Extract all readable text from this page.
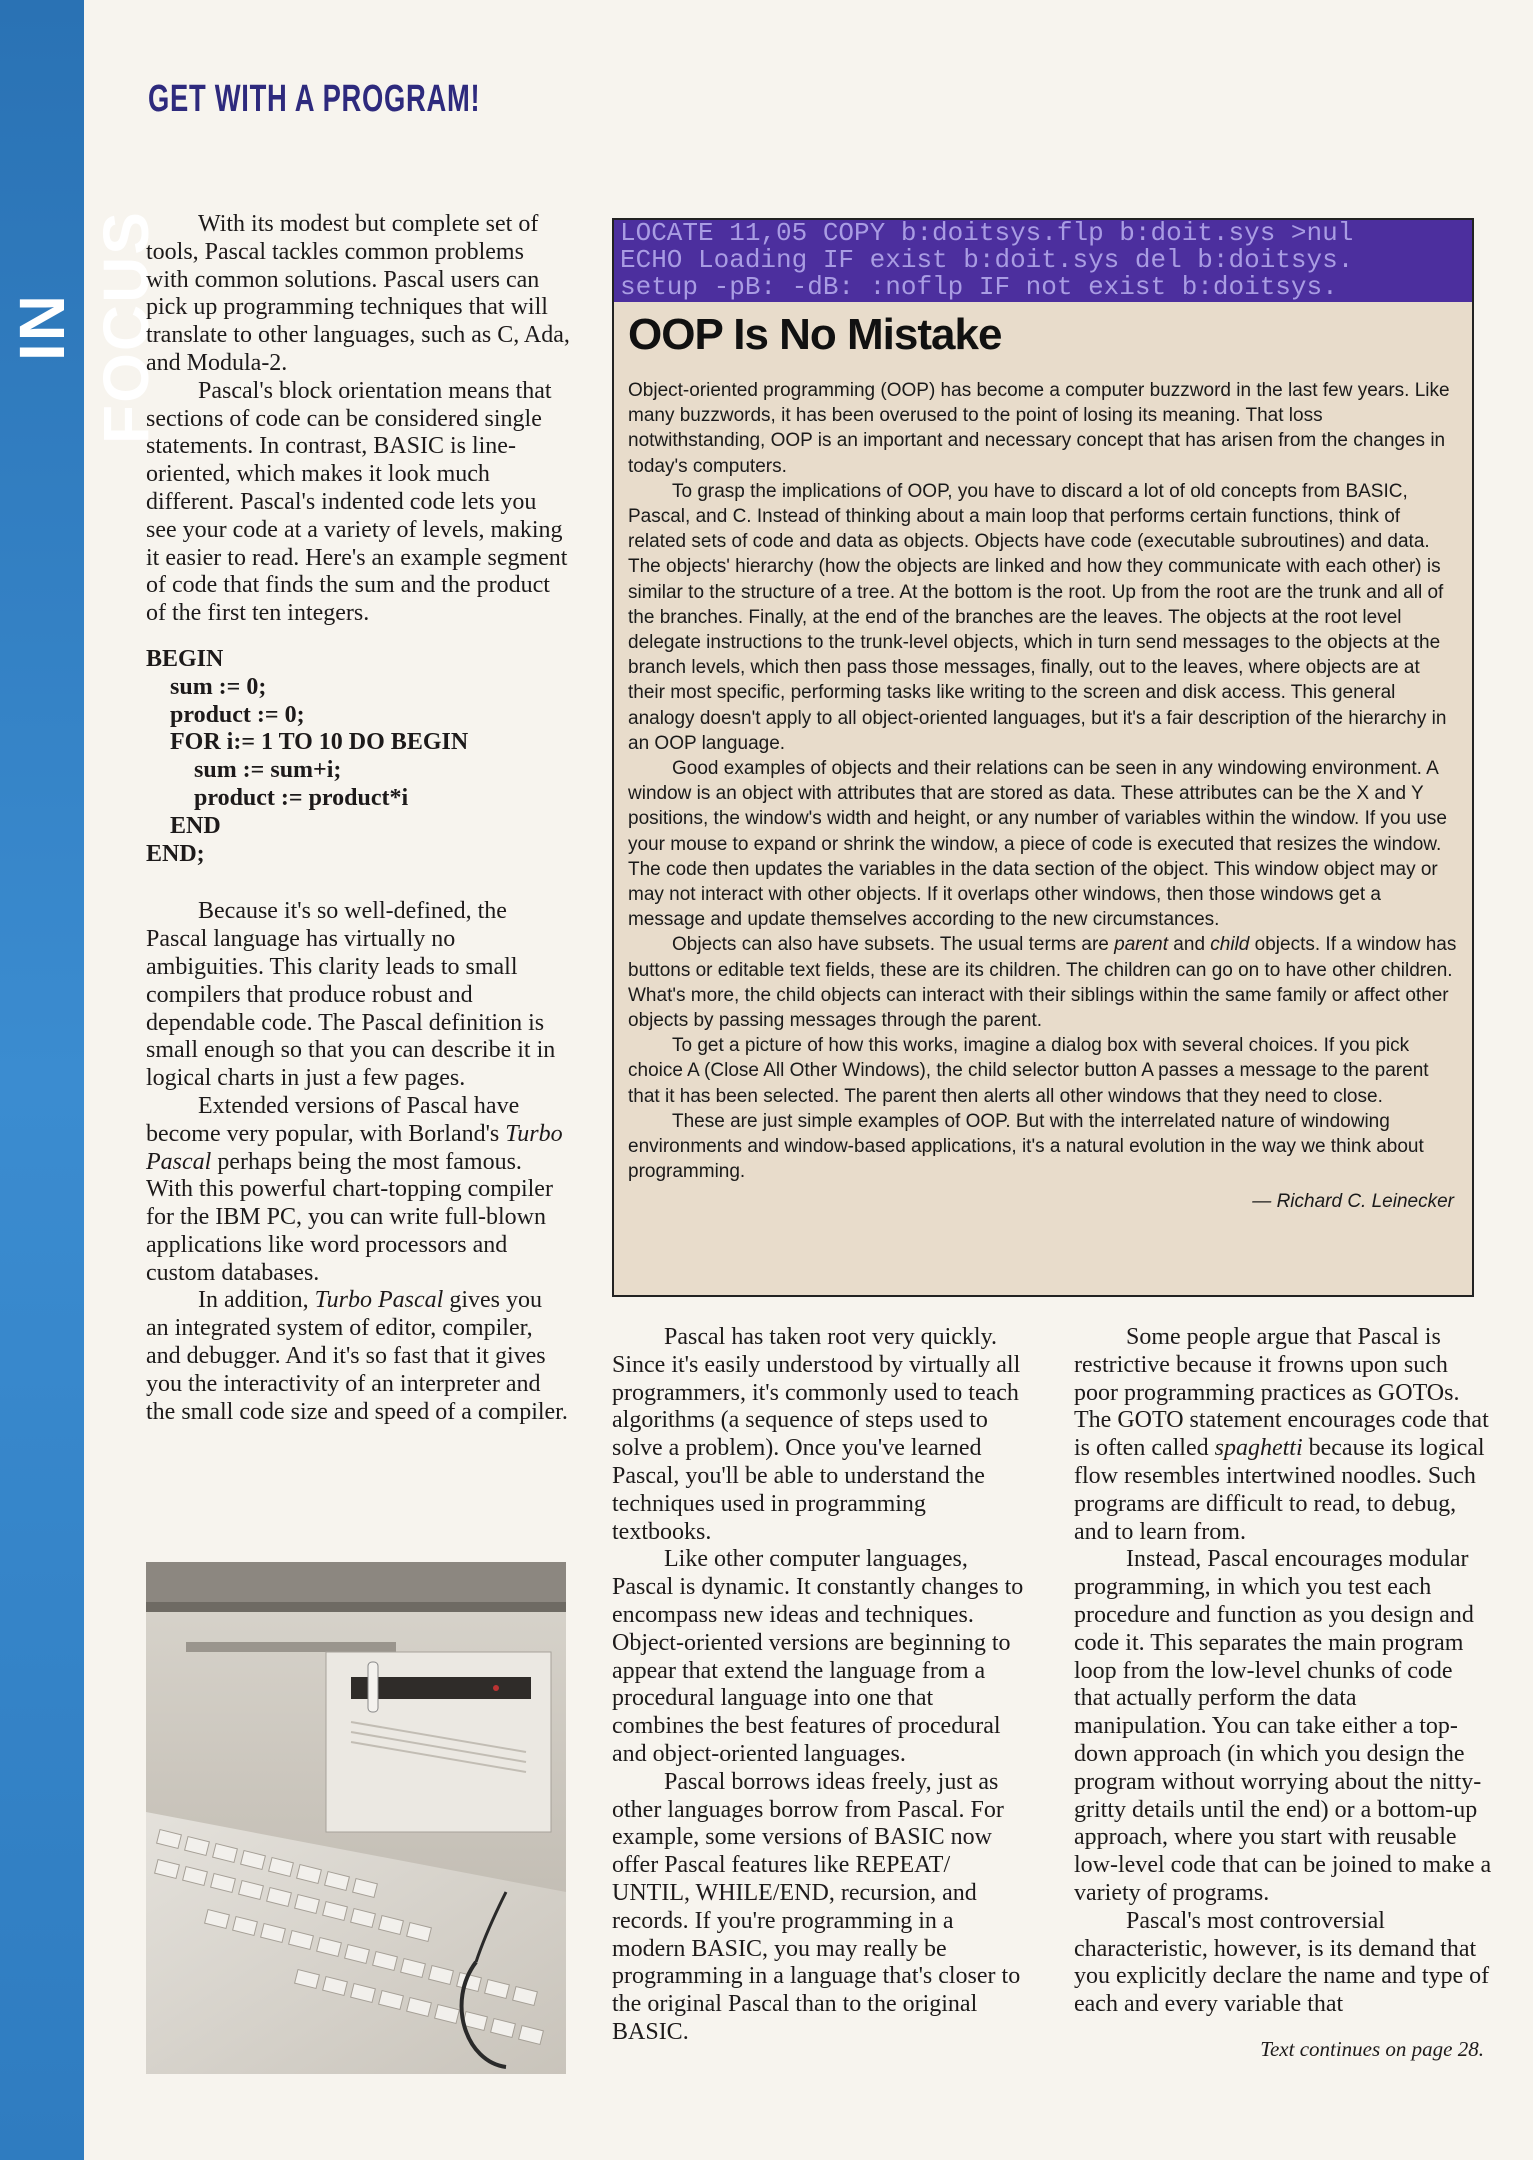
IN FOCUS
GET WITH A PROGRAM!

With its modest but complete set of tools, Pascal tackles common problems with common solutions. Pascal users can pick up programming techniques that will translate to other languages, such as C, Ada, and Modula-2.

Pascal's block orientation means that sections of code can be considered single statements. In contrast, BASIC is line-oriented, which makes it look much different. Pascal's indented code lets you see your code at a variety of levels, making it easier to read. Here's an example segment of code that finds the sum and the product of the first ten integers.

BEGIN
sum := 0;
product := 0;
FOR i:= 1 TO 10 DO BEGIN
sum := sum+i;
product := product*i
END
END;

Because it's so well-defined, the Pascal language has virtually no ambiguities. This clarity leads to small compilers that produce robust and dependable code. The Pascal definition is small enough so that you can describe it in logical charts in just a few pages.

Extended versions of Pascal have become very popular, with Borland's Turbo Pascal perhaps being the most famous. With this powerful chart-topping compiler for the IBM PC, you can write full-blown applications like word processors and custom databases.

In addition, Turbo Pascal gives you an integrated system of editor, compiler, and debugger. And it's so fast that it gives you the interactivity of an interpreter and the small code size and speed of a compiler.

LOCATE 11,05 COPY b:doitsys.flp b:doit.sys >nul
ECHO Loading IF exist b:doit.sys del b:doitsys.
setup -pB: -dB: :noflp IF not exist b:doitsys.
OOP Is No Mistake

Object-oriented programming (OOP) has become a computer buzzword in the last few years. Like many buzzwords, it has been overused to the point of losing its meaning. That loss notwithstanding, OOP is an important and necessary concept that has arisen from the changes in today's computers.

To grasp the implications of OOP, you have to discard a lot of old concepts from BASIC, Pascal, and C. Instead of thinking about a main loop that performs certain functions, think of related sets of code and data as objects. Objects have code (executable subroutines) and data. The objects' hierarchy (how the objects are linked and how they communicate with each other) is similar to the structure of a tree. At the bottom is the root. Up from the root are the trunk and all of the branches. Finally, at the end of the branches are the leaves. The objects at the root level delegate instructions to the trunk-level objects, which in turn send messages to the objects at the branch levels, which then pass those messages, finally, out to the leaves, where objects are at their most specific, performing tasks like writing to the screen and disk access. This general analogy doesn't apply to all object-oriented languages, but it's a fair description of the hierarchy in an OOP language.

Good examples of objects and their relations can be seen in any windowing environment. A window is an object with attributes that are stored as data. These attributes can be the X and Y positions, the window's width and height, or any number of variables within the window. If you use your mouse to expand or shrink the window, a piece of code is executed that resizes the window. The code then updates the variables in the data section of the object. This window object may or may not interact with other objects. If it overlaps other windows, then those windows get a message and update themselves according to the new circumstances.

Objects can also have subsets. The usual terms are parent and child objects. If a window has buttons or editable text fields, these are its children. The children can go on to have other children. What's more, the child objects can interact with their siblings within the same family or affect other objects by passing messages through the parent.

To get a picture of how this works, imagine a dialog box with several choices. If you pick choice A (Close All Other Windows), the child selector button A passes a message to the parent that it has been selected. The parent then alerts all other windows that they need to close.

These are just simple examples of OOP. But with the interrelated nature of windowing environments and window-based applications, it's a natural evolution in the way we think about programming.

— Richard C. Leinecker

Pascal has taken root very quickly. Since it's easily understood by virtually all programmers, it's commonly used to teach algorithms (a sequence of steps used to solve a problem). Once you've learned Pascal, you'll be able to understand the techniques used in programming textbooks.

Like other computer languages, Pascal is dynamic. It constantly changes to encompass new ideas and techniques. Object-oriented versions are beginning to appear that extend the language from a procedural language into one that combines the best features of procedural and object-oriented languages.

Pascal borrows ideas freely, just as other languages borrow from Pascal. For example, some versions of BASIC now offer Pascal features like REPEAT/ UNTIL, WHILE/END, recursion, and records. If you're programming in a modern BASIC, you may really be programming in a language that's closer to the original Pascal than to the original BASIC.

Some people argue that Pascal is restrictive because it frowns upon such poor programming practices as GOTOs. The GOTO statement encourages code that is often called spaghetti because its logical flow resembles intertwined noodles. Such programs are difficult to read, to debug, and to learn from.

Instead, Pascal encourages modular programming, in which you test each procedure and function as you design and code it. This separates the main program loop from the low-level chunks of code that actually perform the data manipulation. You can take either a top-down approach (in which you design the program without worrying about the nitty-gritty details until the end) or a bottom-up approach, where you start with reusable low-level code that can be joined to make a variety of programs.

Pascal's most controversial characteristic, however, is its demand that you explicitly declare the name and type of each and every variable that

Text continues on page 28.
